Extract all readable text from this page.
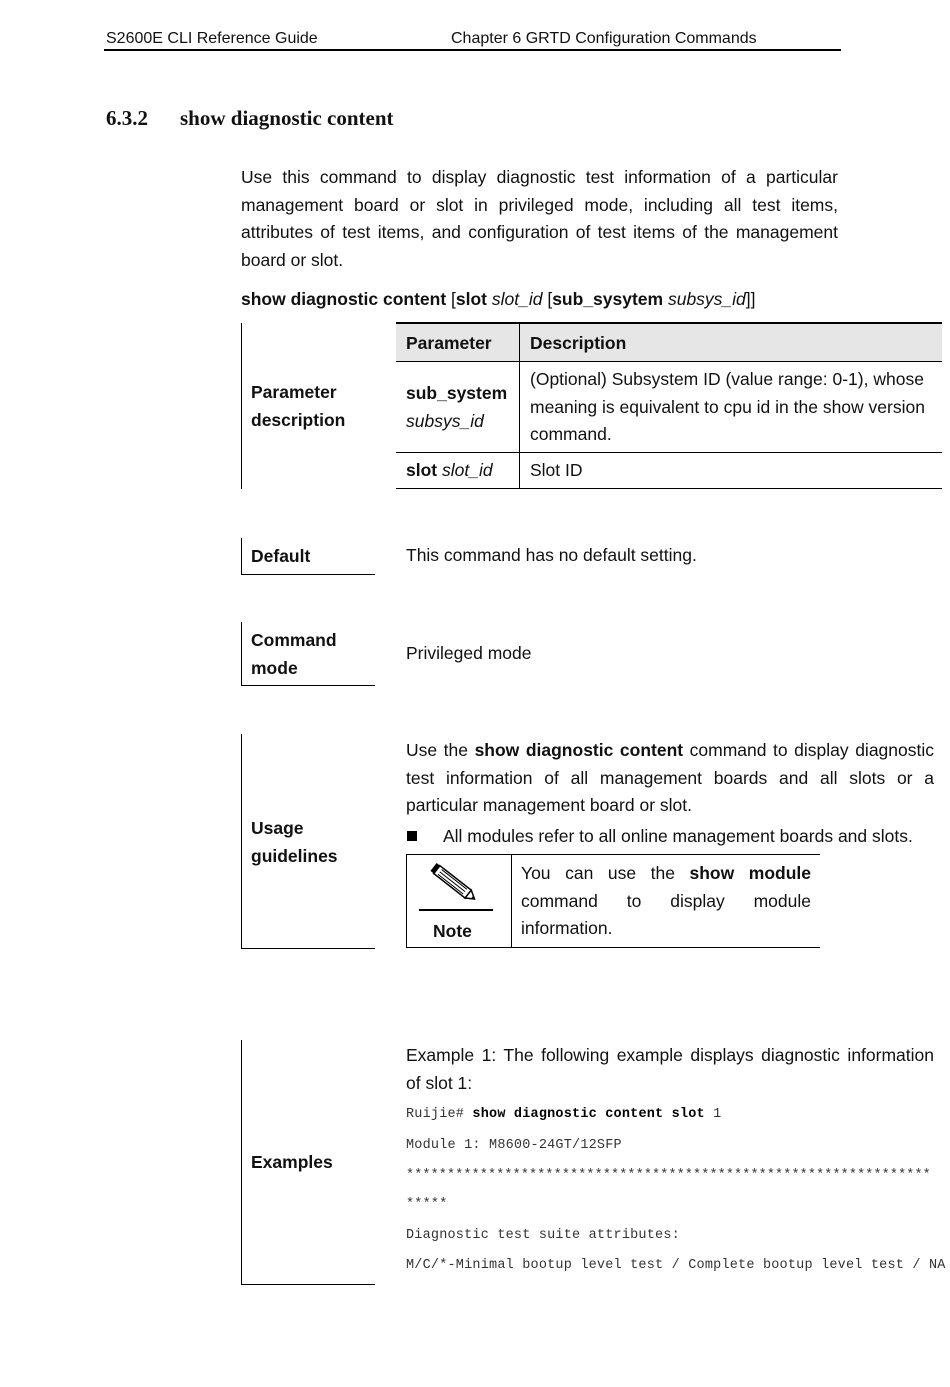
S2600E CLI Reference Guide	Chapter 6 GRTD Configuration Commands
6.3.2 show diagnostic content
Use this command to display diagnostic test information of a particular
management board or slot in privileged mode, including all test items,
attributes of test items, and configuration of test items of the management
board or slot.
show diagnostic content [slot slot_id [sub_sysytem subsys_id]]
Parameter
description
Parameter Description
sub_system
subsys_id
(Optional) Subsystem ID (value range: 0-1), whose
meaning is equivalent to cpu id in the show version
command.
slot slot_id Slot ID
Default	This command has no default setting.
Command
mode
Privileged mode
Usage
guidelines
Use the show diagnostic content command to display diagnostic
test information of all management boards and all slots or a
particular management board or slot.
All modules refer to all online management boards and slots.
Note
You can use the show module
command to display module
information.
Examples
Example 1: The following example displays diagnostic information
of slot 1:
Ruijie# show diagnostic content slot 1
Module 1: M8600-24GT/12SFP
****************************************************************
*****
Diagnostic test suite attributes:
M/C/*-Minimal bootup level test / Complete bootup level test / NA
